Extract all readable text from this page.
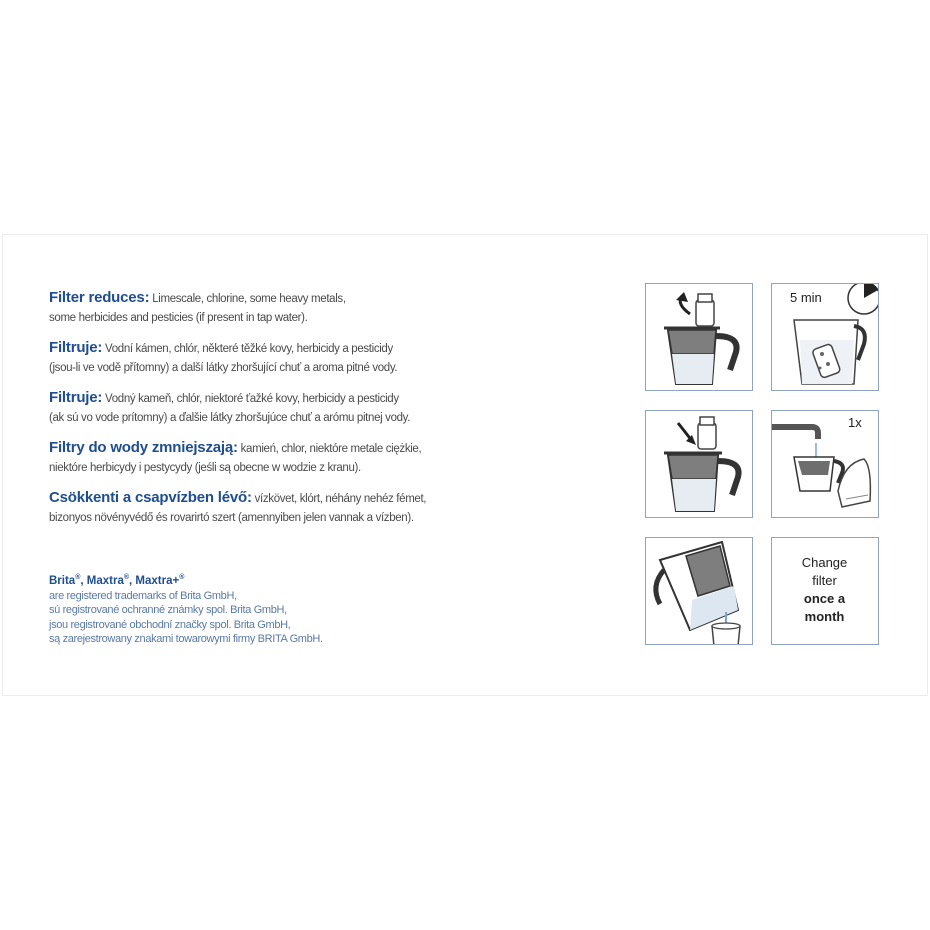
Filter reduces: Limescale, chlorine, some heavy metals,
some herbicides and pesticies (if present in tap water).
Filtruje: Vodní kámen, chlór, některé těžké kovy, herbicidy a pesticidy
(jsou-li ve vodě přítomny) a další látky zhoršující chuť a aroma pitné vody.
Filtruje: Vodný kameň, chlór, niektoré ťažké kovy, herbicidy a pesticidy
(ak sú vo vode prítomny) a ďalšie látky zhoršujúce chuť a arómu pitnej vody.
Filtry do wody zmniejszają: kamień, chlor, niektóre metale ciężkie,
niektóre herbicydy i pestycydy (jeśli są obecne w wodzie z kranu).
Csökkenti a csapvízben lévő: vízkövet, klórt, néhány nehéz fémet,
bizonyos növényvédő és rovarirtó szert (amennyiben jelen vannak a vízben).
Brita®, Maxtra®, Maxtra+®
are registered trademarks of Brita GmbH,
sú registrované ochranné známky spol. Brita GmbH,
jsou registrované obchodní značky spol. Brita GmbH,
są zarejestrowany znakami towarowymi firmy BRITA GmbH.
5 min
1x
Change
filter
once a
month
